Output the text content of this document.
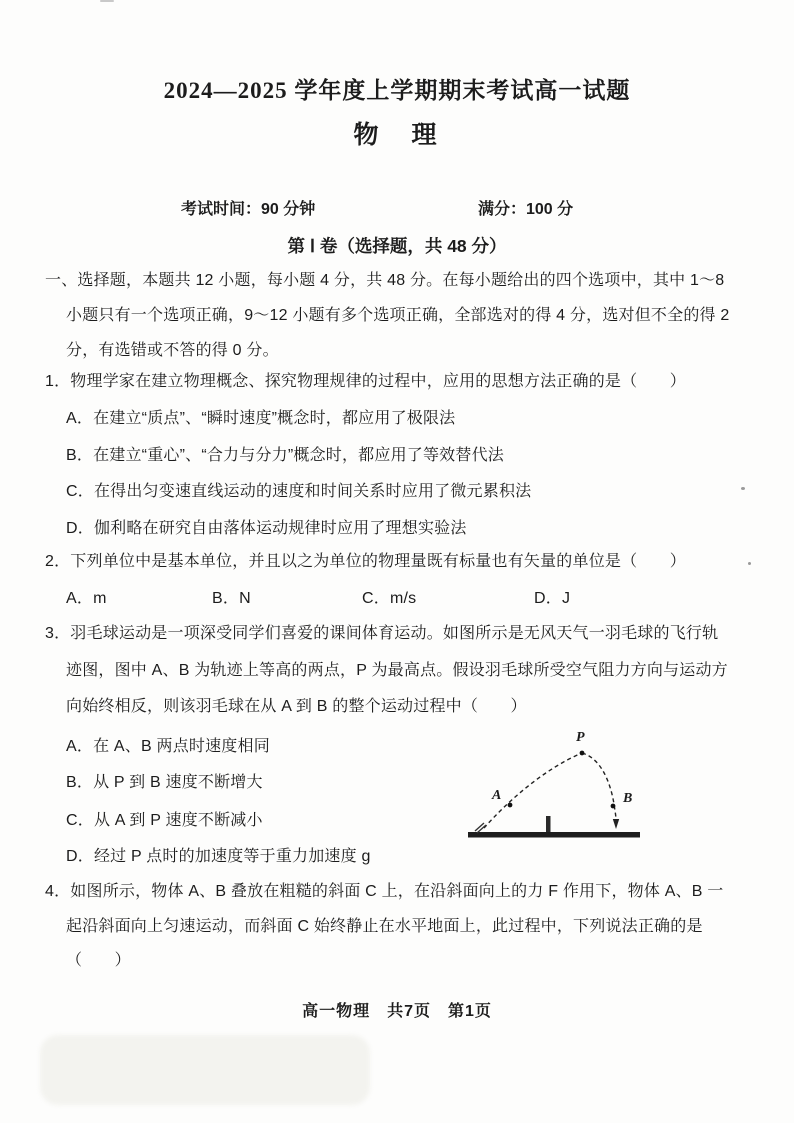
2024—2025 学年度上学期期末考试高一试题
物　理
考试时间：90 分钟	满分：100 分
第 Ⅰ 卷（选择题，共 48 分）
一、选择题，本题共 12 小题，每小题 4 分，共 48 分。在每小题给出的四个选项中，其中 1～8
小题只有一个选项正确，9～12 小题有多个选项正确，全部选对的得 4 分，选对但不全的得 2
分，有选错或不答的得 0 分。
1．物理学家在建立物理概念、探究物理规律的过程中，应用的思想方法正确的是（　　）
A．在建立“质点”、“瞬时速度”概念时，都应用了极限法
B．在建立“重心”、“合力与分力”概念时，都应用了等效替代法
C．在得出匀变速直线运动的速度和时间关系时应用了微元累积法
D．伽利略在研究自由落体运动规律时应用了理想实验法
2．下列单位中是基本单位，并且以之为单位的物理量既有标量也有矢量的单位是（　　）
A．m	B．N	C．m/s	D．J
3．羽毛球运动是一项深受同学们喜爱的课间体育运动。如图所示是无风天气一羽毛球的飞行轨
迹图，图中 A、B 为轨迹上等高的两点，P 为最高点。假设羽毛球所受空气阻力方向与运动方
向始终相反，则该羽毛球在从 A 到 B 的整个运动过程中（　　）
A．在 A、B 两点时速度相同
B．从 P 到 B 速度不断增大
C．从 A 到 P 速度不断减小
D．经过 P 点时的加速度等于重力加速度 g
P
A	B
4．如图所示，物体 A、B 叠放在粗糙的斜面 C 上，在沿斜面向上的力 F 作用下，物体 A、B 一
起沿斜面向上匀速运动，而斜面 C 始终静止在水平地面上，此过程中，下列说法正确的是
（　　）
高一物理　共7页　第1页
